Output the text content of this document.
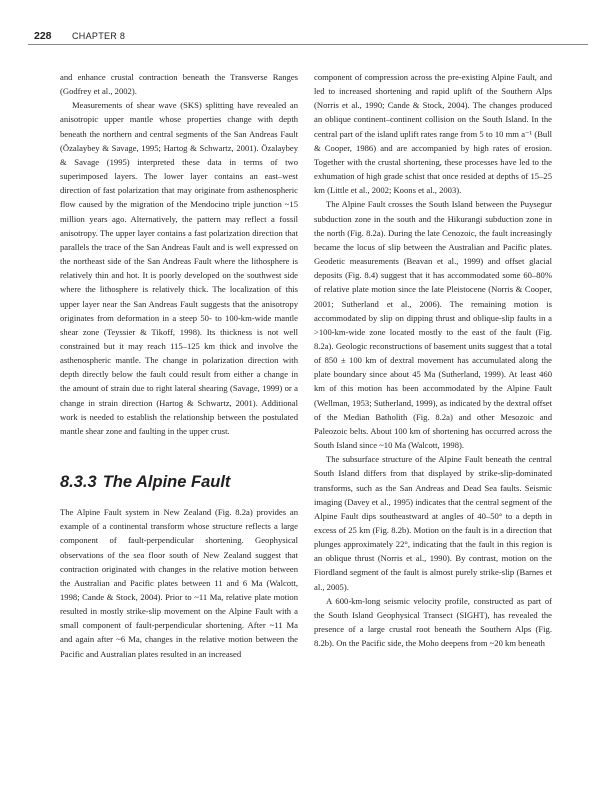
228 CHAPTER 8

and enhance crustal contraction beneath the Transverse Ranges (Godfrey et al., 2002).

Measurements of shear wave (SKS) splitting have revealed an anisotropic upper mantle whose properties change with depth beneath the northern and central segments of the San Andreas Fault (Özalaybey & Savage, 1995; Hartog & Schwartz, 2001). Özalaybey & Savage (1995) interpreted these data in terms of two superimposed layers. The lower layer contains an east–west direction of fast polarization that may originate from asthenospheric flow caused by the migration of the Mendocino triple junction ~15 million years ago. Alternatively, the pattern may reflect a fossil anisotropy. The upper layer contains a fast polarization direction that parallels the trace of the San Andreas Fault and is well expressed on the northeast side of the San Andreas Fault where the lithosphere is relatively thin and hot. It is poorly developed on the southwest side where the lithosphere is relatively thick. The localization of this upper layer near the San Andreas Fault suggests that the anisotropy originates from deformation in a steep 50- to 100-km-wide mantle shear zone (Teyssier & Tikoff, 1998). Its thickness is not well constrained but it may reach 115–125 km thick and involve the asthenospheric mantle. The change in polarization direction with depth directly below the fault could result from either a change in the amount of strain due to right lateral shearing (Savage, 1999) or a change in strain direction (Hartog & Schwartz, 2001). Additional work is needed to establish the relationship between the postulated mantle shear zone and faulting in the upper crust.

8.3.3 The Alpine Fault

The Alpine Fault system in New Zealand (Fig. 8.2a) provides an example of a continental transform whose structure reflects a large component of fault-perpendicular shortening. Geophysical observations of the sea floor south of New Zealand suggest that contraction originated with changes in the relative motion between the Australian and Pacific plates between 11 and 6 Ma (Walcott, 1998; Cande & Stock, 2004). Prior to ~11 Ma, relative plate motion resulted in mostly strike-slip movement on the Alpine Fault with a small component of fault-perpendicular shortening. After ~11 Ma and again after ~6 Ma, changes in the relative motion between the Pacific and Australian plates resulted in an increased

component of compression across the pre-existing Alpine Fault, and led to increased shortening and rapid uplift of the Southern Alps (Norris et al., 1990; Cande & Stock, 2004). The changes produced an oblique continent–continent collision on the South Island. In the central part of the island uplift rates range from 5 to 10 mm a⁻¹ (Bull & Cooper, 1986) and are accompanied by high rates of erosion. Together with the crustal shortening, these processes have led to the exhumation of high grade schist that once resided at depths of 15–25 km (Little et al., 2002; Koons et al., 2003).

The Alpine Fault crosses the South Island between the Puysegur subduction zone in the south and the Hikurangi subduction zone in the north (Fig. 8.2a). During the late Cenozoic, the fault increasingly became the locus of slip between the Australian and Pacific plates. Geodetic measurements (Beavan et al., 1999) and offset glacial deposits (Fig. 8.4) suggest that it has accommodated some 60–80% of relative plate motion since the late Pleistocene (Norris & Cooper, 2001; Sutherland et al., 2006). The remaining motion is accommodated by slip on dipping thrust and oblique-slip faults in a >100-km-wide zone located mostly to the east of the fault (Fig. 8.2a). Geologic reconstructions of basement units suggest that a total of 850 ± 100 km of dextral movement has accumulated along the plate boundary since about 45 Ma (Sutherland, 1999). At least 460 km of this motion has been accommodated by the Alpine Fault (Wellman, 1953; Sutherland, 1999), as indicated by the dextral offset of the Median Batholith (Fig. 8.2a) and other Mesozoic and Paleozoic belts. About 100 km of shortening has occurred across the South Island since ~10 Ma (Walcott, 1998).

The subsurface structure of the Alpine Fault beneath the central South Island differs from that displayed by strike-slip-dominated transforms, such as the San Andreas and Dead Sea faults. Seismic imaging (Davey et al., 1995) indicates that the central segment of the Alpine Fault dips southeastward at angles of 40–50° to a depth in excess of 25 km (Fig. 8.2b). Motion on the fault is in a direction that plunges approximately 22°, indicating that the fault in this region is an oblique thrust (Norris et al., 1990). By contrast, motion on the Fiordland segment of the fault is almost purely strike-slip (Barnes et al., 2005).

A 600-km-long seismic velocity profile, constructed as part of the South Island Geophysical Transect (SIGHT), has revealed the presence of a large crustal root beneath the Southern Alps (Fig. 8.2b). On the Pacific side, the Moho deepens from ~20 km beneath
